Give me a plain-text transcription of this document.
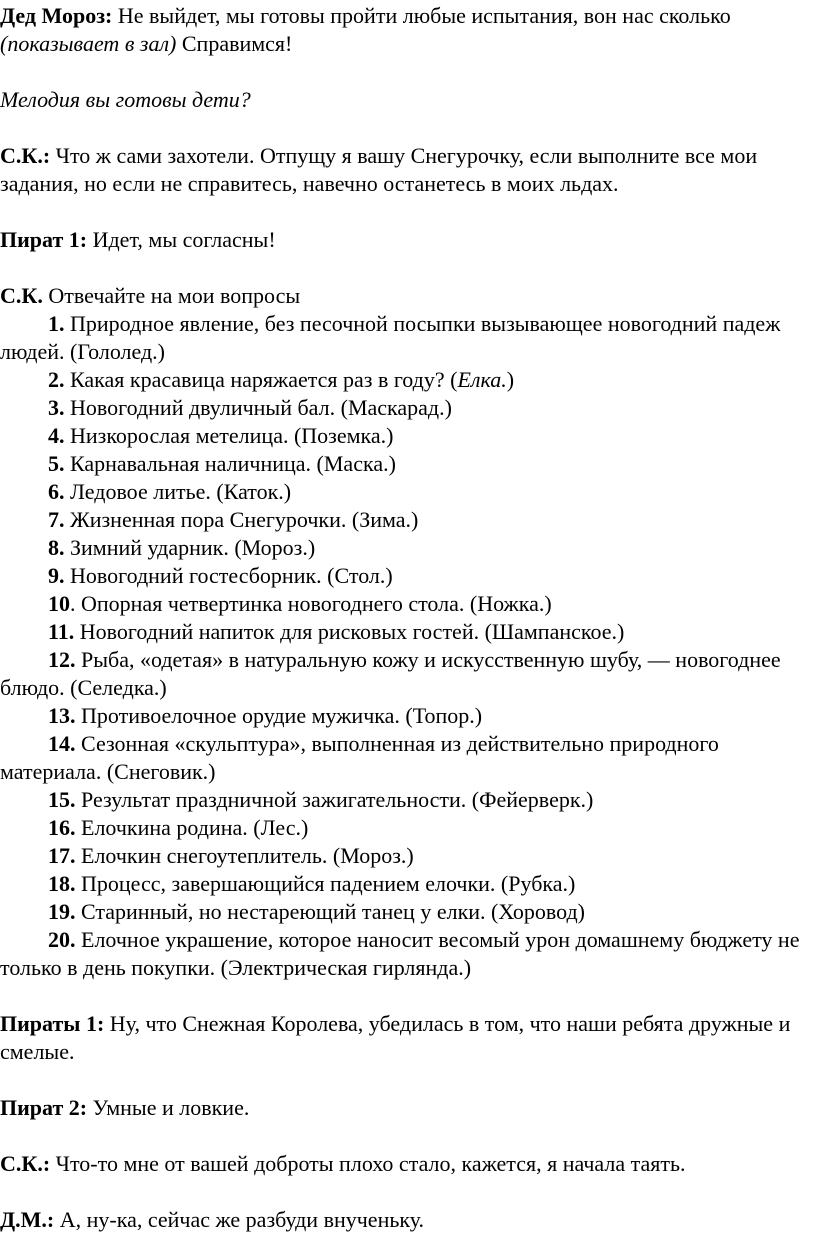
Дед Мороз: Не выйдет, мы готовы пройти любые испытания, вон нас сколько (показывает в зал) Справимся!

Мелодия вы готовы дети?

С.К.: Что ж сами захотели. Отпущу я вашу Снегурочку, если выполните все мои задания, но если не справитесь, навечно останетесь в моих льдах.

Пират 1: Идет, мы согласны!

С.К. Отвечайте на мои вопросы

1. Природное явление, без песочной посыпки вызывающее новогодний падеж людей. (Гололед.)

2. Какая красавица наряжается раз в году? (Елка.)

3. Новогодний двуличный бал. (Маскарад.)

4. Низкорослая метелица. (Поземка.)

5. Карнавальная наличница. (Маска.)

6. Ледовое литье. (Каток.)

7. Жизненная пора Снегурочки. (Зима.)

8. Зимний ударник. (Мороз.)

9. Новогодний гостесборник. (Стол.)

10. Опорная четвертинка новогоднего стола. (Ножка.)

11. Новогодний напиток для рисковых гостей. (Шампанское.)

12. Рыба, «одетая» в натуральную кожу и искусственную шубу, — новогоднее блюдо. (Селедка.)

13. Противоелочное орудие мужичка. (Топор.)

14. Сезонная «скульптура», выполненная из действительно природного материала. (Снеговик.)

15. Результат праздничной зажигательности. (Фейерверк.)

16. Елочкина родина. (Лес.)

17. Елочкин снегоутеплитель. (Мороз.)

18. Процесс, завершающийся падением елочки. (Рубка.)

19. Старинный, но нестареющий танец у елки. (Хоровод)

20. Елочное украшение, которое наносит весомый урон домашнему бюджету не только в день покупки. (Электрическая гирлянда.)

Пираты 1: Ну, что Снежная Королева, убедилась в том, что наши ребята дружные и смелые.

Пират 2: Умные и ловкие.

С.К.: Что-то мне от вашей доброты плохо стало, кажется, я начала таять.

Д.М.: А, ну-ка, сейчас же разбуди внученьку.
